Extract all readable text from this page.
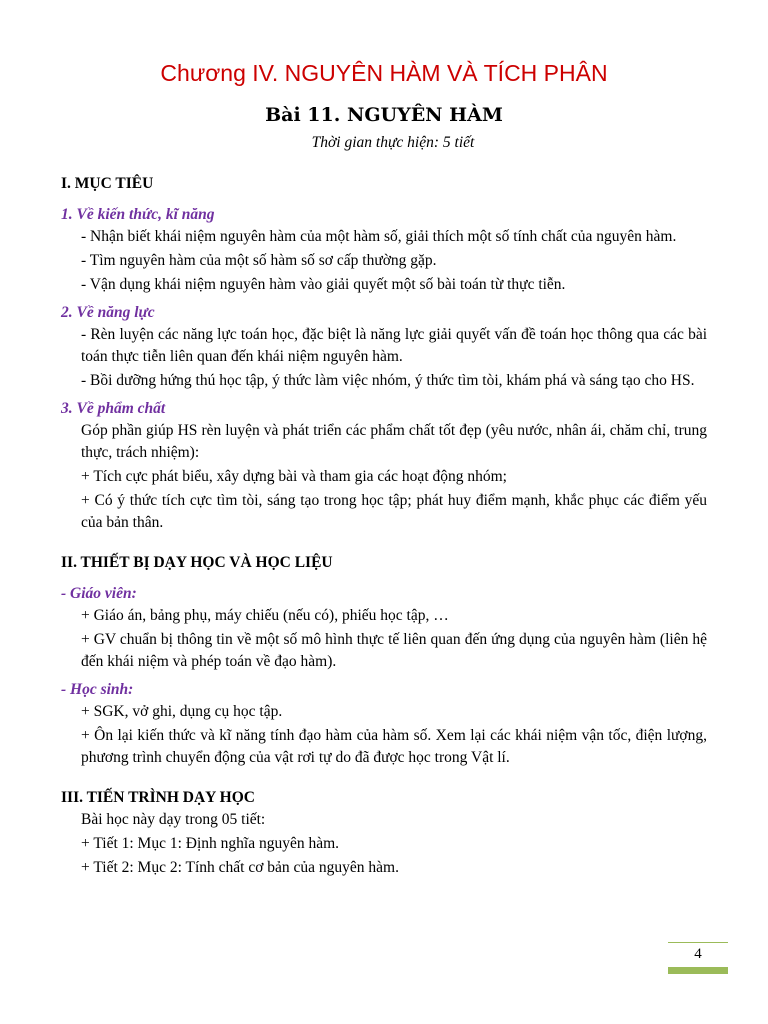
Chương IV. NGUYÊN HÀM VÀ TÍCH PHÂN
Bài 11. NGUYÊN HÀM
Thời gian thực hiện: 5 tiết
I. MỤC TIÊU
1. Về kiến thức, kĩ năng

- Nhận biết khái niệm nguyên hàm của một hàm số, giải thích một số tính chất của nguyên hàm.

- Tìm nguyên hàm của một số hàm số sơ cấp thường gặp.

- Vận dụng khái niệm nguyên hàm vào giải quyết một số bài toán từ thực tiễn.

2. Về năng lực

- Rèn luyện các năng lực toán học, đặc biệt là năng lực giải quyết vấn đề toán học thông qua các bài toán thực tiễn liên quan đến khái niệm nguyên hàm.

- Bồi dưỡng hứng thú học tập, ý thức làm việc nhóm, ý thức tìm tòi, khám phá và sáng tạo cho HS.

3. Về phẩm chất

Góp phần giúp HS rèn luyện và phát triển các phẩm chất tốt đẹp (yêu nước, nhân ái, chăm chỉ, trung thực, trách nhiệm):

+ Tích cực phát biểu, xây dựng bài và tham gia các hoạt động nhóm;

+ Có ý thức tích cực tìm tòi, sáng tạo trong học tập; phát huy điểm mạnh, khắc phục các điểm yếu của bản thân.

II. THIẾT BỊ DẠY HỌC VÀ HỌC LIỆU
- Giáo viên:

+ Giáo án, bảng phụ, máy chiếu (nếu có), phiếu học tập, …

+ GV chuẩn bị thông tin về một số mô hình thực tế liên quan đến ứng dụng của nguyên hàm (liên hệ đến khái niệm và phép toán về đạo hàm).

- Học sinh:

+ SGK, vở ghi, dụng cụ học tập.

+ Ôn lại kiến thức và kĩ năng tính đạo hàm của hàm số. Xem lại các khái niệm vận tốc, điện lượng, phương trình chuyển động của vật rơi tự do đã được học trong Vật lí.

III. TIẾN TRÌNH DẠY HỌC

Bài học này dạy trong 05 tiết:

+ Tiết 1: Mục 1: Định nghĩa nguyên hàm.

+ Tiết 2: Mục 2: Tính chất cơ bản của nguyên hàm.

4
